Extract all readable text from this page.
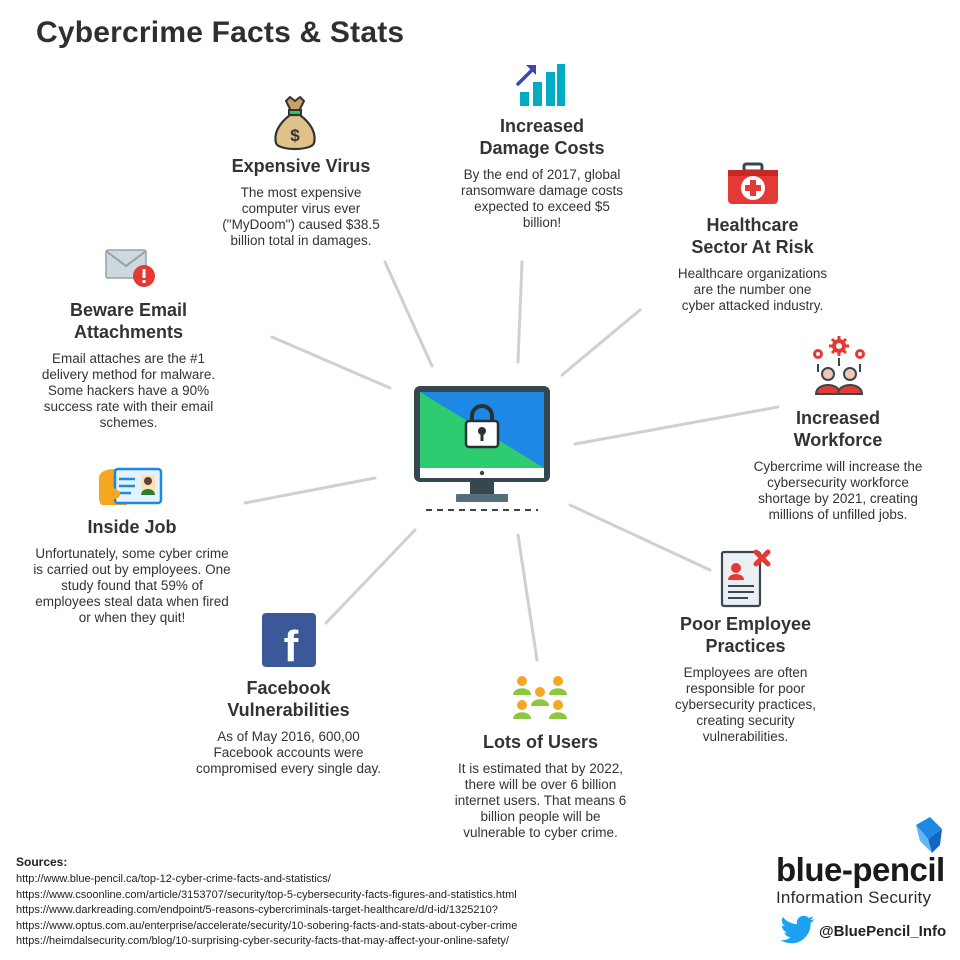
Cybercrime Facts & Stats
$
Expensive Virus

The most expensive
computer virus ever
("MyDoom") caused $38.5
billion total in damages.

Increased
Damage Costs

By the end of 2017, global
ransomware damage costs
expected to exceed $5
billion!	Healthcare
Sector At Risk

Healthcare organizations
are the number one
cyber attacked industry.

Increased
Workforce

Cybercrime will increase the
cybersecurity workforce
shortage by 2021, creating
millions of unfilled jobs.

Poor Employee
Practices

Employees are often
responsible for poor
cybersecurity practices,
creating security
vulnerabilities.

Lots of Users

It is estimated that by 2022,
there will be over 6 billion
internet users. That means 6
billion people will be
vulnerable to cyber crime.

f
Facebook
Vulnerabilities

As of May 2016, 600,00
Facebook accounts were
compromised every single day.

Inside Job

Unfortunately, some cyber crime
is carried out by employees. One
study found that 59% of
employees steal data when fired
or when they quit!

Beware Email
Attachments

Email attaches are the #1
delivery method for malware.
Some hackers have a 90%
success rate with their email
schemes.

Sources:
http://www.blue-pencil.ca/top-12-cyber-crime-facts-and-statistics/
https://www.csoonline.com/article/3153707/security/top-5-cybersecurity-facts-figures-and-statistics.html
https://www.darkreading.com/endpoint/5-reasons-cybercriminals-target-healthcare/d/d-id/1325210?
https://www.optus.com.au/enterprise/accelerate/security/10-sobering-facts-and-stats-about-cyber-crime
https://heimdalsecurity.com/blog/10-surprising-cyber-security-facts-that-may-affect-your-online-safety/
blue-pencil
Information Security
@BluePencil_Info
